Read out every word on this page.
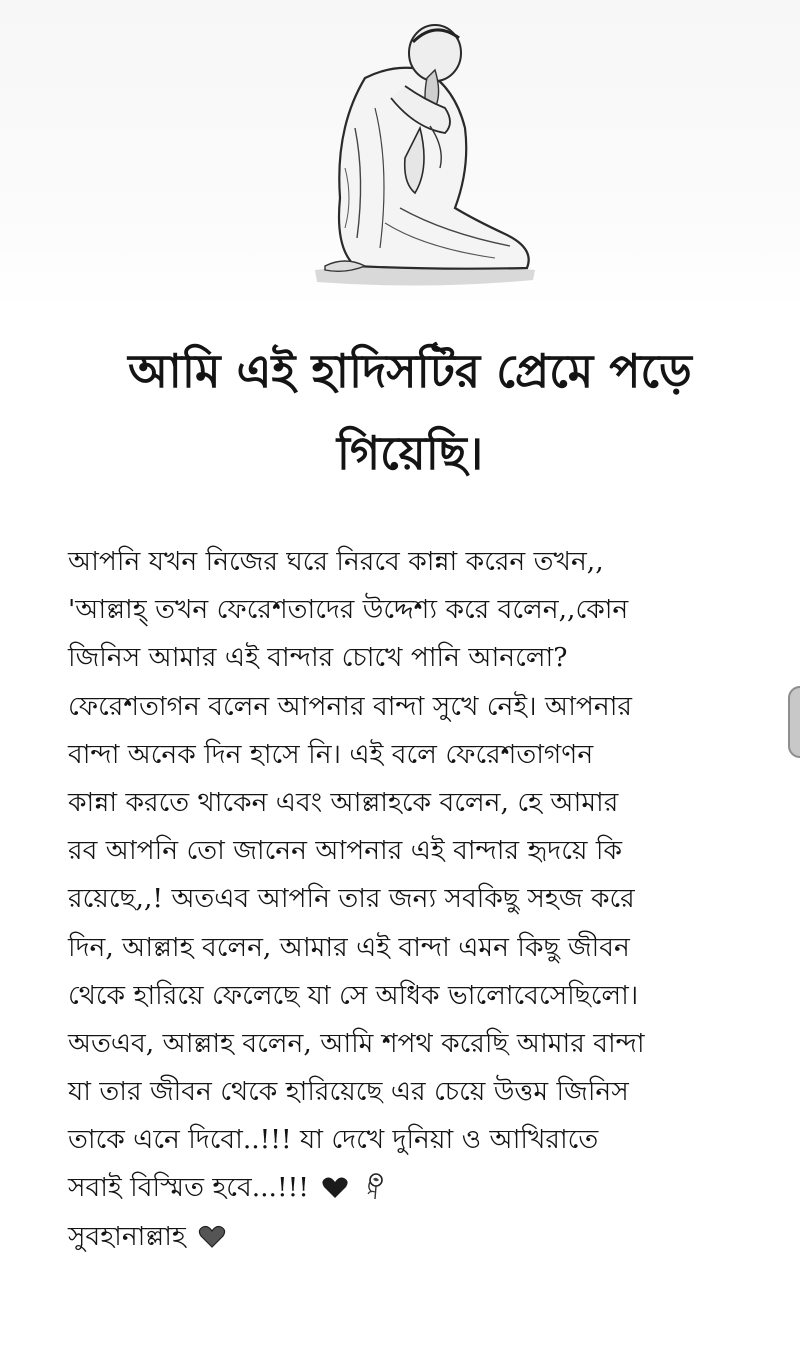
আমি এই হাদিসটির প্রেমে পড়ে
গিয়েছি।
আপনি যখন নিজের ঘরে নিরবে কান্না করেন তখন,,
'আল্লাহ্ তখন ফেরেশতাদের উদ্দেশ্য করে বলেন,,কোন
জিনিস আমার এই বান্দার চোখে পানি আনলো?
ফেরেশতাগন বলেন আপনার বান্দা সুখে নেই। আপনার
বান্দা অনেক দিন হাসে নি। এই বলে ফেরেশতাগণন
কান্না করতে থাকেন এবং আল্লাহকে বলেন, হে আমার
রব আপনি তো জানেন আপনার এই বান্দার হৃদয়ে কি
রয়েছে,,! অতএব আপনি তার জন্য সবকিছু সহজ করে
দিন, আল্লাহ বলেন, আমার এই বান্দা এমন কিছু জীবন
থেকে হারিয়ে ফেলেছে যা সে অধিক ভালোবেসেছিলো।
অতএব, আল্লাহ বলেন, আমি শপথ করেছি আমার বান্দা
যা তার জীবন থেকে হারিয়েছে এর চেয়ে উত্তম জিনিস
তাকে এনে দিবো..!!! যা দেখে দুনিয়া ও আখিরাতে
সবাই বিস্মিত হবে...!!!
সুবহানাল্লাহ
